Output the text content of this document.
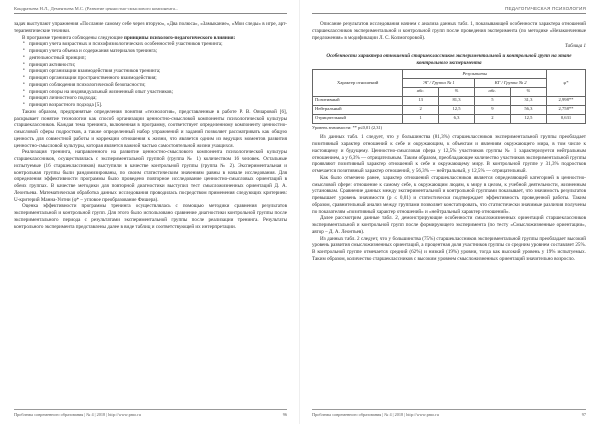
Кондратьева Н.Л., Дементьева М.С. (Развитие ценностно-смыслового компонента...

задач выступают упражнения «Послание самому себе через вторую», «Два полюса», «Замыкание», «Мои следы» в игре, арт-терапевтические техники.

В программе тренинга соблюдены следующие принципы психолого-педагогического влияния:

• принцип учета возрастных и психофизиологических особенностей участников тренинга;
• принцип учета объема и содержания материалов тренинга;
• деятельностный принцип;
• принцип активности;
• принцип организации взаимодействия участников тренинга;
• принцип организации пространственного взаимодействия;
• принцип соблюдения психологической безопасности;
• принцип опоры на индивидуальный жизненный опыт участников;
• принцип личностного подхода;
• принцип возрастного подхода [5].

Таким образом, предпринятые определения понятия «технология», представленные в работе Р. В. Овчаровой [6], раскрывает понятие технологии как способ организации ценностно-смысловой компоненты психологической культуры старшеклассников. Каждая тема тренинга, включенная в программу, соответствует определенному компоненту ценностно-смысловой сферы подростков, а также определенный набор упражнений и заданий позволяет рассматривать как общую ценность для совместной работы и коррекции отношения к жизни, что является одним из ведущих моментов развития ценностно-смысловой культуры, которая является важной частью самостоятельной жизни учащихся.

Реализация тренинга, направленного на развитие ценностно-смыслового компонента психологической культуры старшеклассников, осуществлялась с экспериментальной группой (группа № 1) количеством 16 человек. Остальные испытуемые (16 старшеклассников) выступили в качестве контрольной группы (группа № 2). Экспериментальная и контрольная группы были рандомизированы, по своим статистическим значениям равны в начале исследования. Для определения эффективности программы было проведено повторное исследование ценностно-смысловых ориентаций в обеих группах. В качестве методики для повторной диагностики выступил тест смысложизненных ориентаций Д. А. Леонтьева. Математическая обработка данных исследования проводилась посредством применения следующих критериев: U-критерий Манна-Уитни (φ* – угловое преобразование Фишера).

Оценка эффективности программы тренинга осуществлялась с помощью методики сравнения результатов экспериментальной и контрольной групп. Для этого было использовано сравнение диагностики контрольной группы после экспериментального периода с результатами экспериментальной группы после реализации тренинга. Результаты контрольного эксперимента представлены далее в виде таблиц и соответствующей их интерпретации.

Проблемы современного образования | № 4 | 2018 | http://www.pmo.ru	96
ПЕДАГОГИЧЕСКАЯ ПСИХОЛОГИЯ

Описание результатов исследования начнем с анализа данных табл. 1, показывающей особенности характера отношений старшеклассников экспериментальной и контрольной групп после проведения эксперимента (по методике «Незаконченные предложения» в модификации Л. С. Колмогоровой).

Таблица 1
Особенности характера отношений старшеклассников экспериментальной и контрольной групп на этапе контрольного эксперимента
Характер отношений	Результаты				φ*
	ЭГ / Группа № 1		КГ / Группа № 2		
	абс.	%	абс.	%	
Позитивный	13	81,3	5	31,3	2,998**
Нейтральный	2	12,5	9	56,3	2,758**
Отрицательный	1	6,3	2	12,5	0,631
Уровень значимости: ** p≤0,01 (2,31)

Из данных табл. 1 следует, что у большинства (81,3%) старшеклассников экспериментальной группы преобладает позитивный характер отношений к себе и окружающим, к объектам и явлениям окружающего мира, в том числе к настоящему и будущему. Ценностно-смысловая сфера у 12,5% участников группы № 1 характеризуется нейтральным отношением, а у 6,3% — отрицательным. Таким образом, преобладающее количество участников экспериментальной группы проявляют позитивный характер отношений к себе и окружающему миру. В контрольной группе у 31,3% подростков отмечается позитивный характер отношений, у 56,3% — нейтральный, у 12,5% — отрицательный.

Как было отмечено ранее, характер отношений старшеклассников является определяющей категорией в ценностно-смысловой сфере: отношение к самому себе, к окружающим людям, к миру в целом, к учебной деятельности, жизненным установкам. Сравнение данных между экспериментальной и контрольной группами показывает, что значимость результатов превышает уровень значимости (p ≤ 0,01) и статистически подтверждает эффективность проведенной работы. Таким образом, сравнительный анализ между группами позволяет констатировать, что статистически значимые различия получены по показателям «позитивный характер отношений» и «нейтральный характер отношений».

Далее рассмотрим данные табл. 2, демонстрирующие особенности смысложизненных ориентаций старшеклассников экспериментальной и контрольной групп после формирующего эксперимента (по тесту «Смысложизненные ориентации», автор – Д. А. Леонтьев).

Из данных табл. 2 следует, что у большинства (75%) старшеклассников экспериментальной группы преобладает высокий уровень развития смысложизненных ориентаций, а процентная доля участников группы со средним уровнем составляет 25%. В контрольной группе отмечается средний (62%) и низкий (19%) уровни, тогда как высокий уровень у 19% испытуемых. Таким образом, количество старшеклассников с высоким уровнем смысложизненных ориентаций значительно возросло.

Проблемы современного образования | № 4 | 2018 | http://www.pmo.ru	97
